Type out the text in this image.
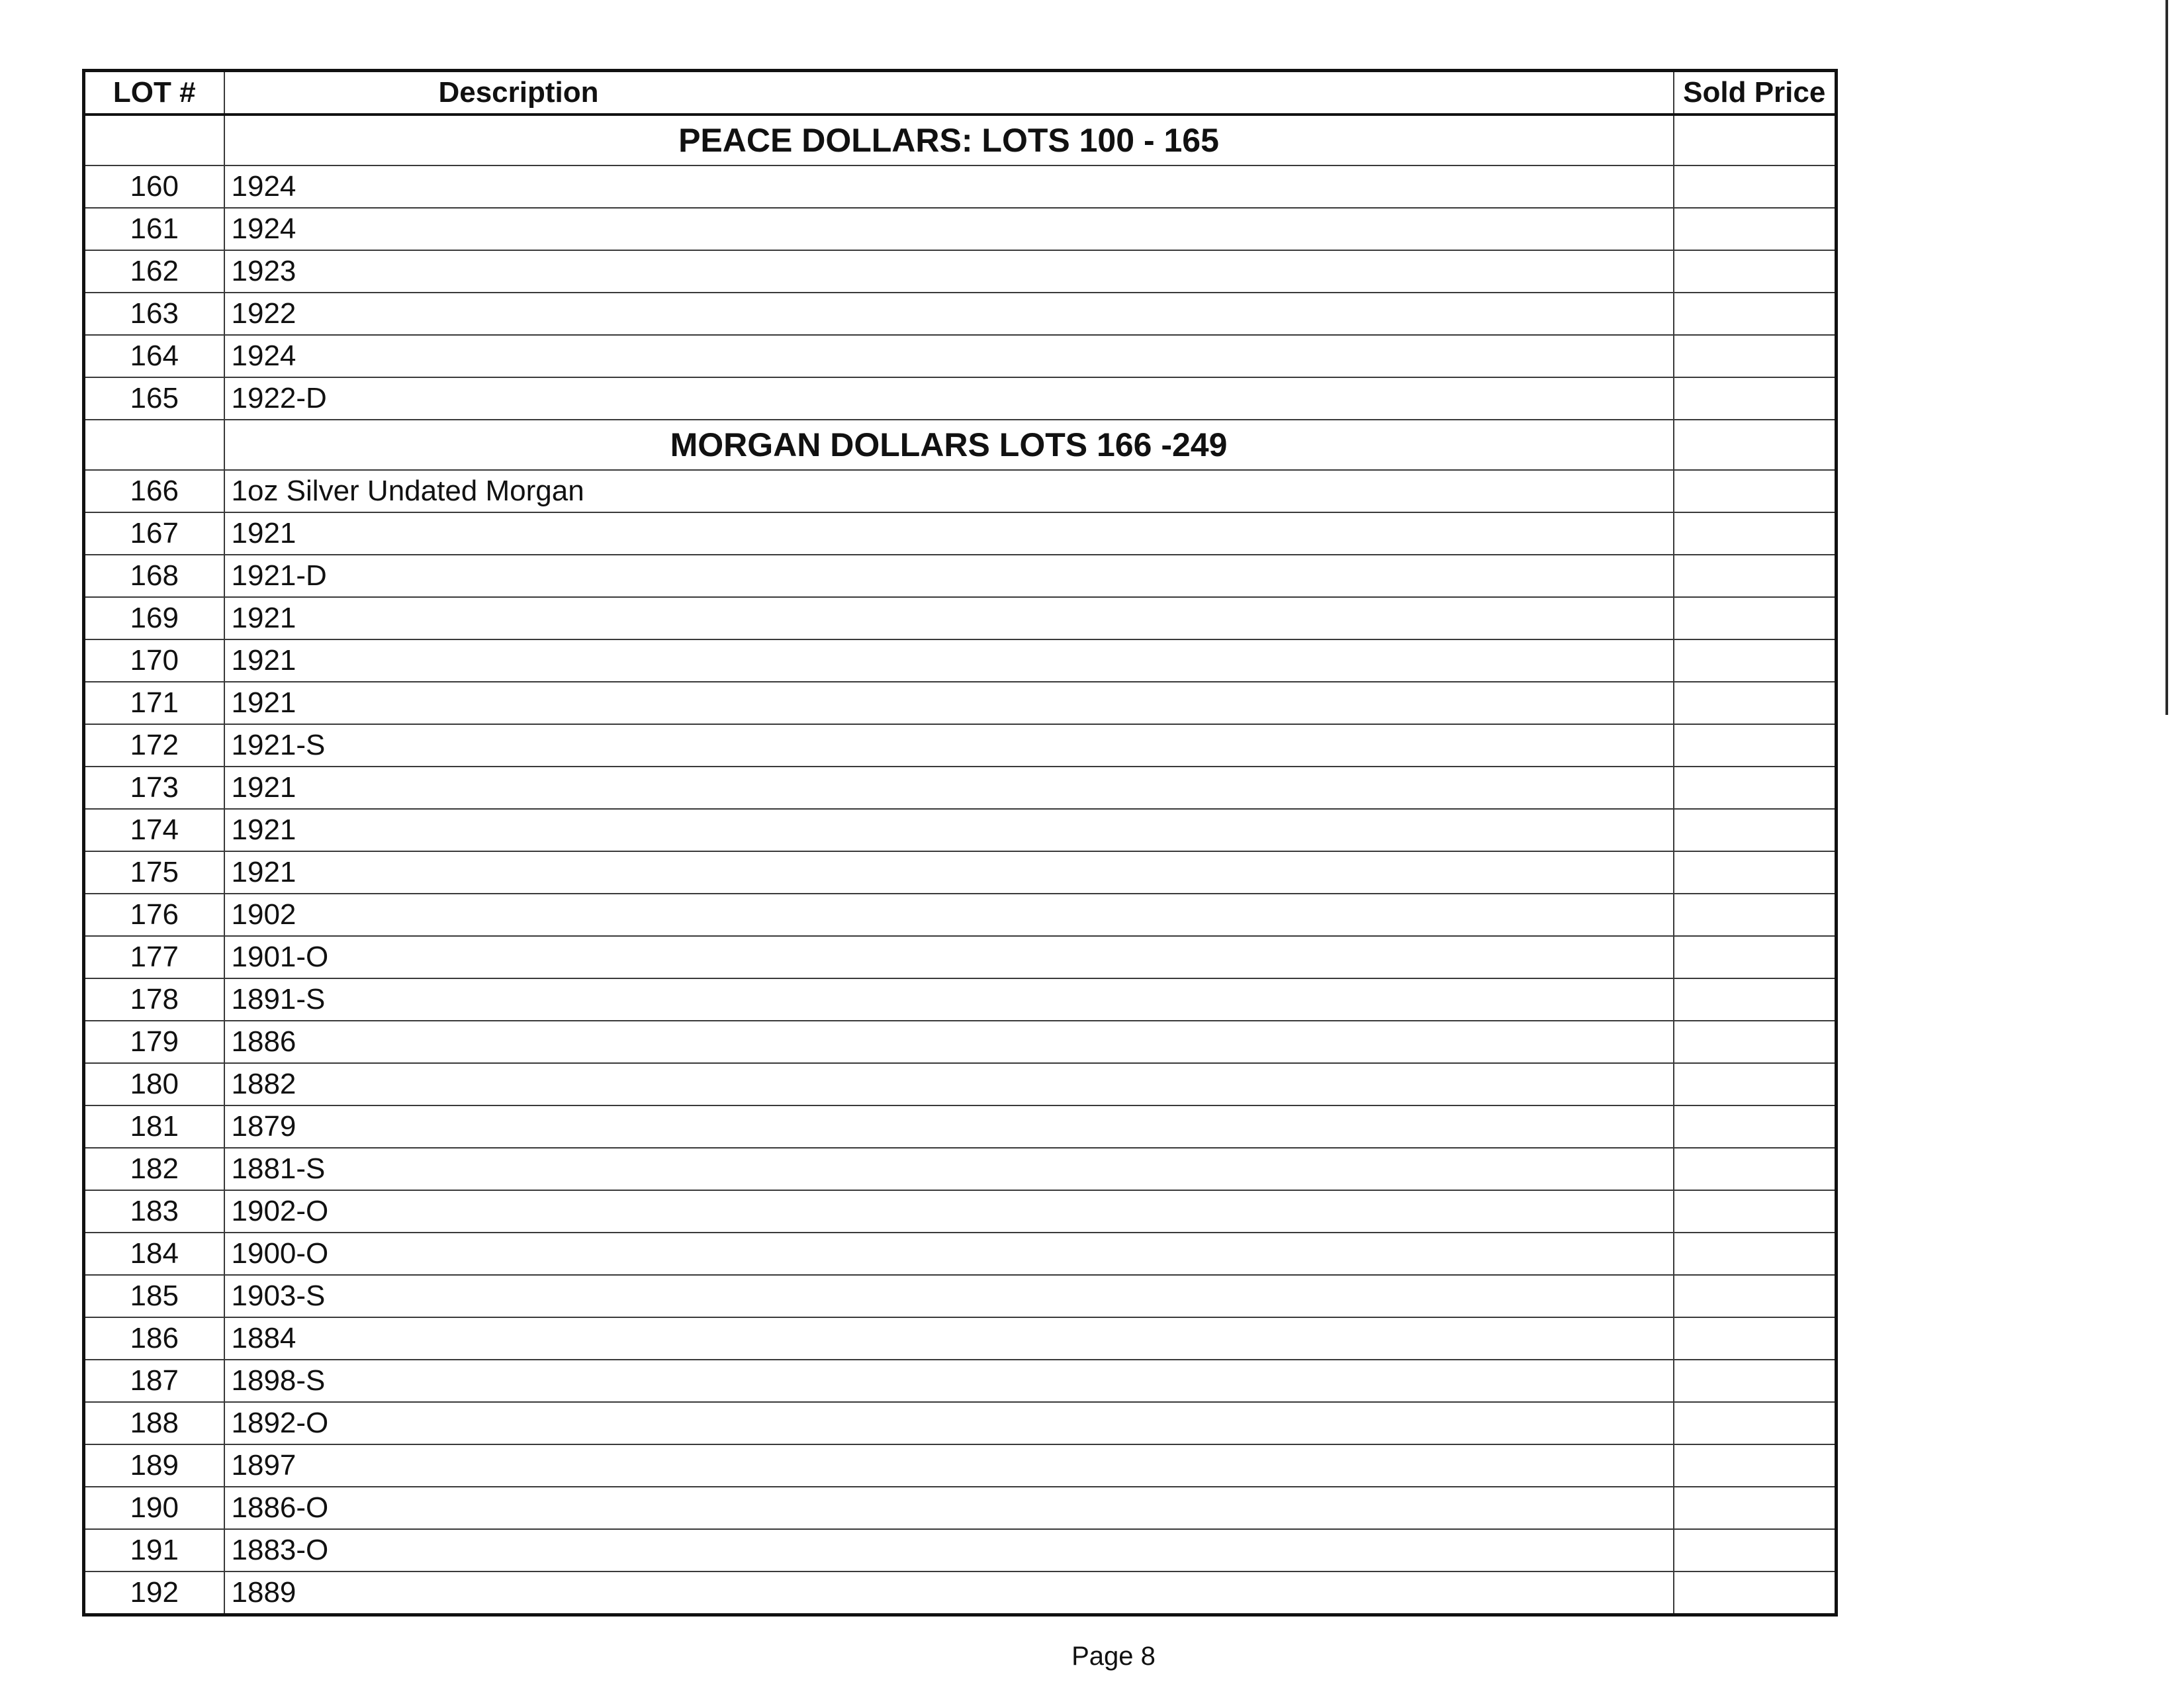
LOT #	Description	Sold Price
	PEACE DOLLARS: LOTS 100 - 165	
160	1924	
161	1924	
162	1923	
163	1922	
164	1924	
165	1922-D	
	MORGAN DOLLARS LOTS 166 -249	
166	1oz Silver Undated Morgan	
167	1921	
168	1921-D	
169	1921	
170	1921	
171	1921	
172	1921-S	
173	1921	
174	1921	
175	1921	
176	1902	
177	1901-O	
178	1891-S	
179	1886	
180	1882	
181	1879	
182	1881-S	
183	1902-O	
184	1900-O	
185	1903-S	
186	1884	
187	1898-S	
188	1892-O	
189	1897	
190	1886-O	
191	1883-O	
192	1889	
Page 8
